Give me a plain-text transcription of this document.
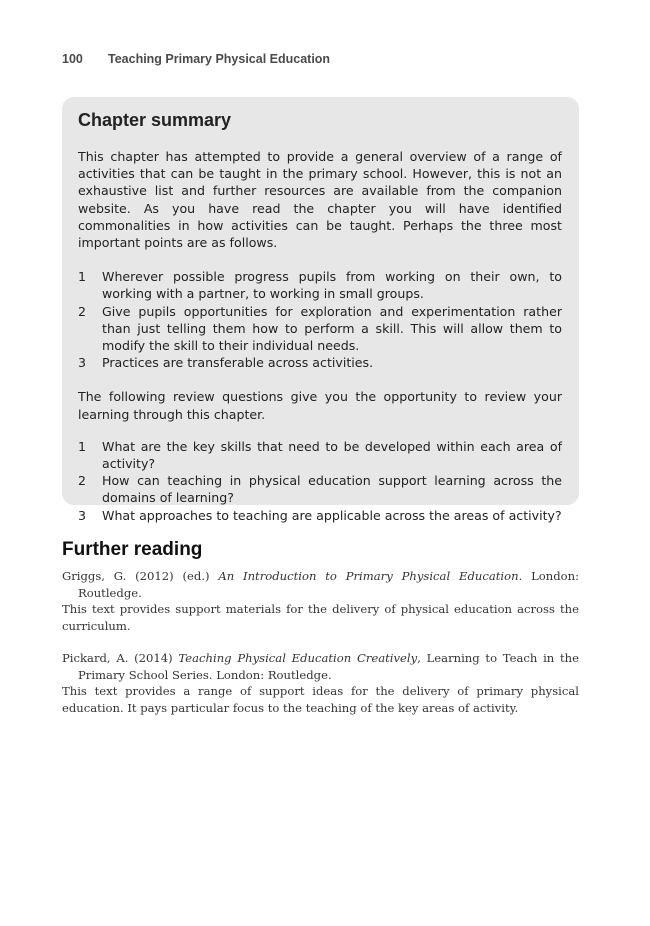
100 Teaching Primary Physical Education
Chapter summary

This chapter has attempted to provide a general overview of a range of activities that can be taught in the primary school. However, this is not an exhaustive list and further resources are available from the companion website. As you have read the chapter you will have identified commonalities in how activities can be taught. Perhaps the three most important points are as follows.

1 Wherever possible progress pupils from working on their own, to working with a partner, to working in small groups.
2 Give pupils opportunities for exploration and experimentation rather than just telling them how to perform a skill. This will allow them to modify the skill to their individual needs.
3 Practices are transferable across activities.

The following review questions give you the opportunity to review your learning through this chapter.

1 What are the key skills that need to be developed within each area of activity?
2 How can teaching in physical education support learning across the domains of learning?
3 What approaches to teaching are applicable across the areas of activity?
Further reading

Griggs, G. (2012) (ed.) An Introduction to Primary Physical Education. London: Routledge.

This text provides support materials for the delivery of physical education across the curriculum.

Pickard, A. (2014) Teaching Physical Education Creatively, Learning to Teach in the Primary School Series. London: Routledge.

This text provides a range of support ideas for the delivery of primary physical education. It pays particular focus to the teaching of the key areas of activity.
